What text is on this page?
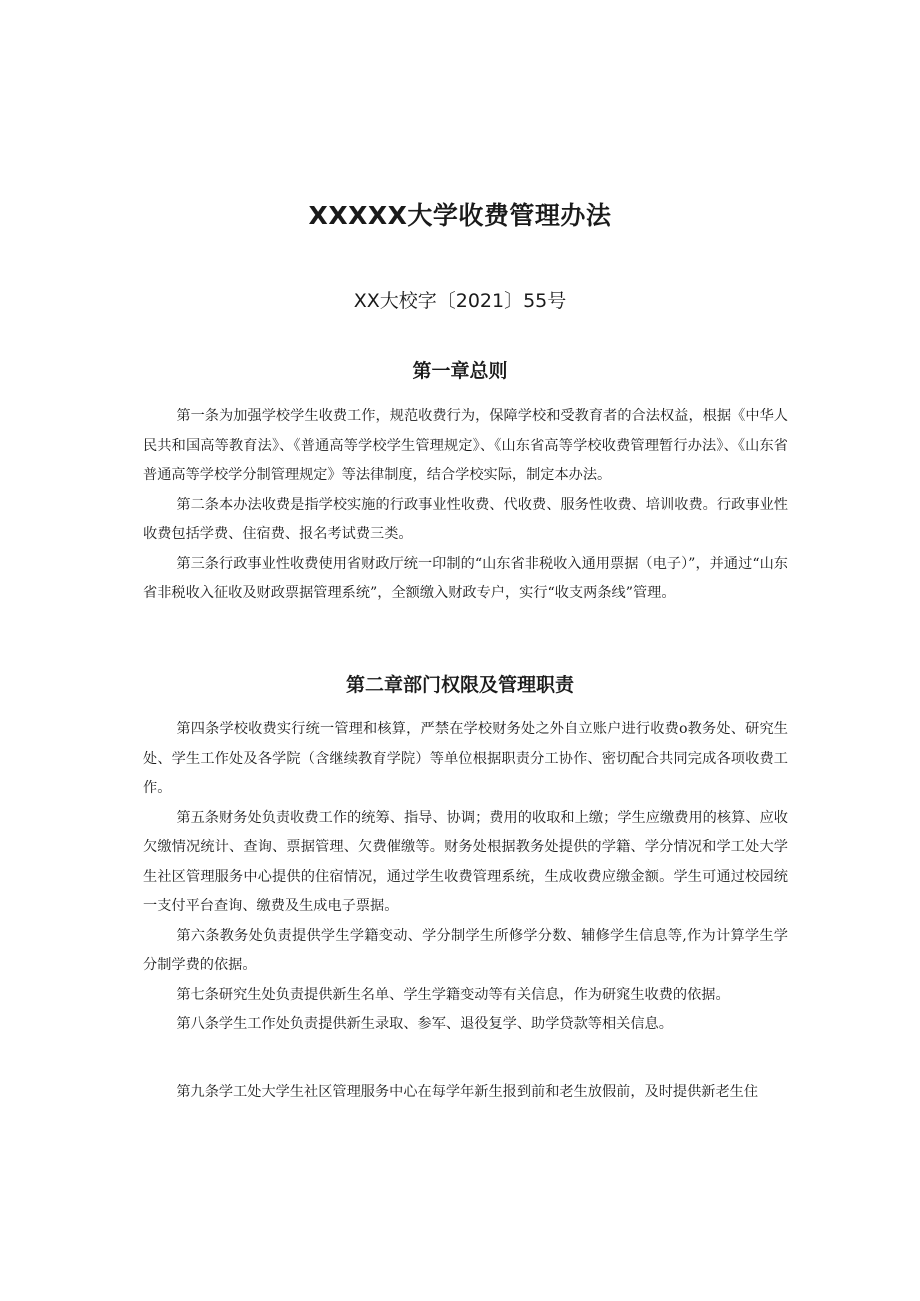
XXXXX大学收费管理办法
XX大校字〔2021〕55号
第一章总则

第一条为加强学校学生收费工作，规范收费行为，保障学校和受教育者的合法权益，根据《中华人民共和国高等教育法》、《普通高等学校学生管理规定》、《山东省高等学校收费管理暂行办法》、《山东省普通高等学校学分制管理规定》等法律制度，结合学校实际，制定本办法。

第二条本办法收费是指学校实施的行政事业性收费、代收费、服务性收费、培训收费。行政事业性收费包括学费、住宿费、报名考试费三类。

第三条行政事业性收费使用省财政厅统一印制的“山东省非税收入通用票据（电子）”，并通过“山东省非税收入征收及财政票据管理系统”，全额缴入财政专户，实行“收支两条线”管理。

第二章部门权限及管理职责

第四条学校收费实行统一管理和核算，严禁在学校财务处之外自立账户进行收费o教务处、研究生处、学生工作处及各学院（含继续教育学院）等单位根据职责分工协作、密切配合共同完成各项收费工作。

第五条财务处负责收费工作的统筹、指导、协调；费用的收取和上缴；学生应缴费用的核算、应收欠缴情况统计、查询、票据管理、欠费催缴等。财务处根据教务处提供的学籍、学分情况和学工处大学生社区管理服务中心提供的住宿情况，通过学生收费管理系统，生成收费应缴金额。学生可通过校园统一支付平台查询、缴费及生成电子票据。

第六条教务处负责提供学生学籍变动、学分制学生所修学分数、辅修学生信息等,作为计算学生学分制学费的依据。

第七条研究生处负责提供新生名单、学生学籍变动等有关信息，作为研窕生收费的依据。

第八条学生工作处负责提供新生录取、参军、退役复学、助学贷款等相关信息。

第九条学工处大学生社区管理服务中心在每学年新生报到前和老生放假前，及时提供新老生住
